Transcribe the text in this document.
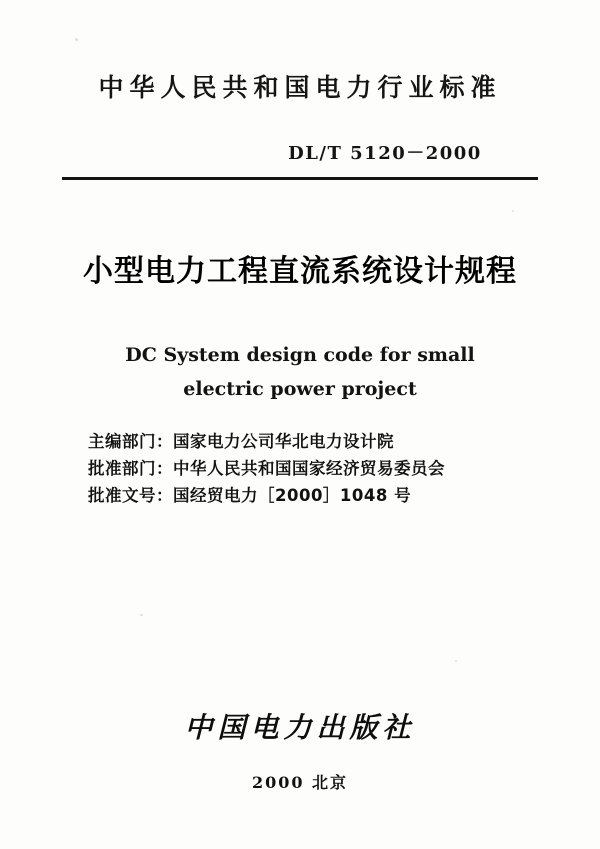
中华人民共和国电力行业标准
DL/T 5120－2000
小型电力工程直流系统设计规程
DC System design code for small
electric power project
主编部门：国家电力公司华北电力设计院
批准部门：中华人民共和国国家经济贸易委员会
批准文号：国经贸电力［2000］1048 号
中国电力出版社
2000 北京
